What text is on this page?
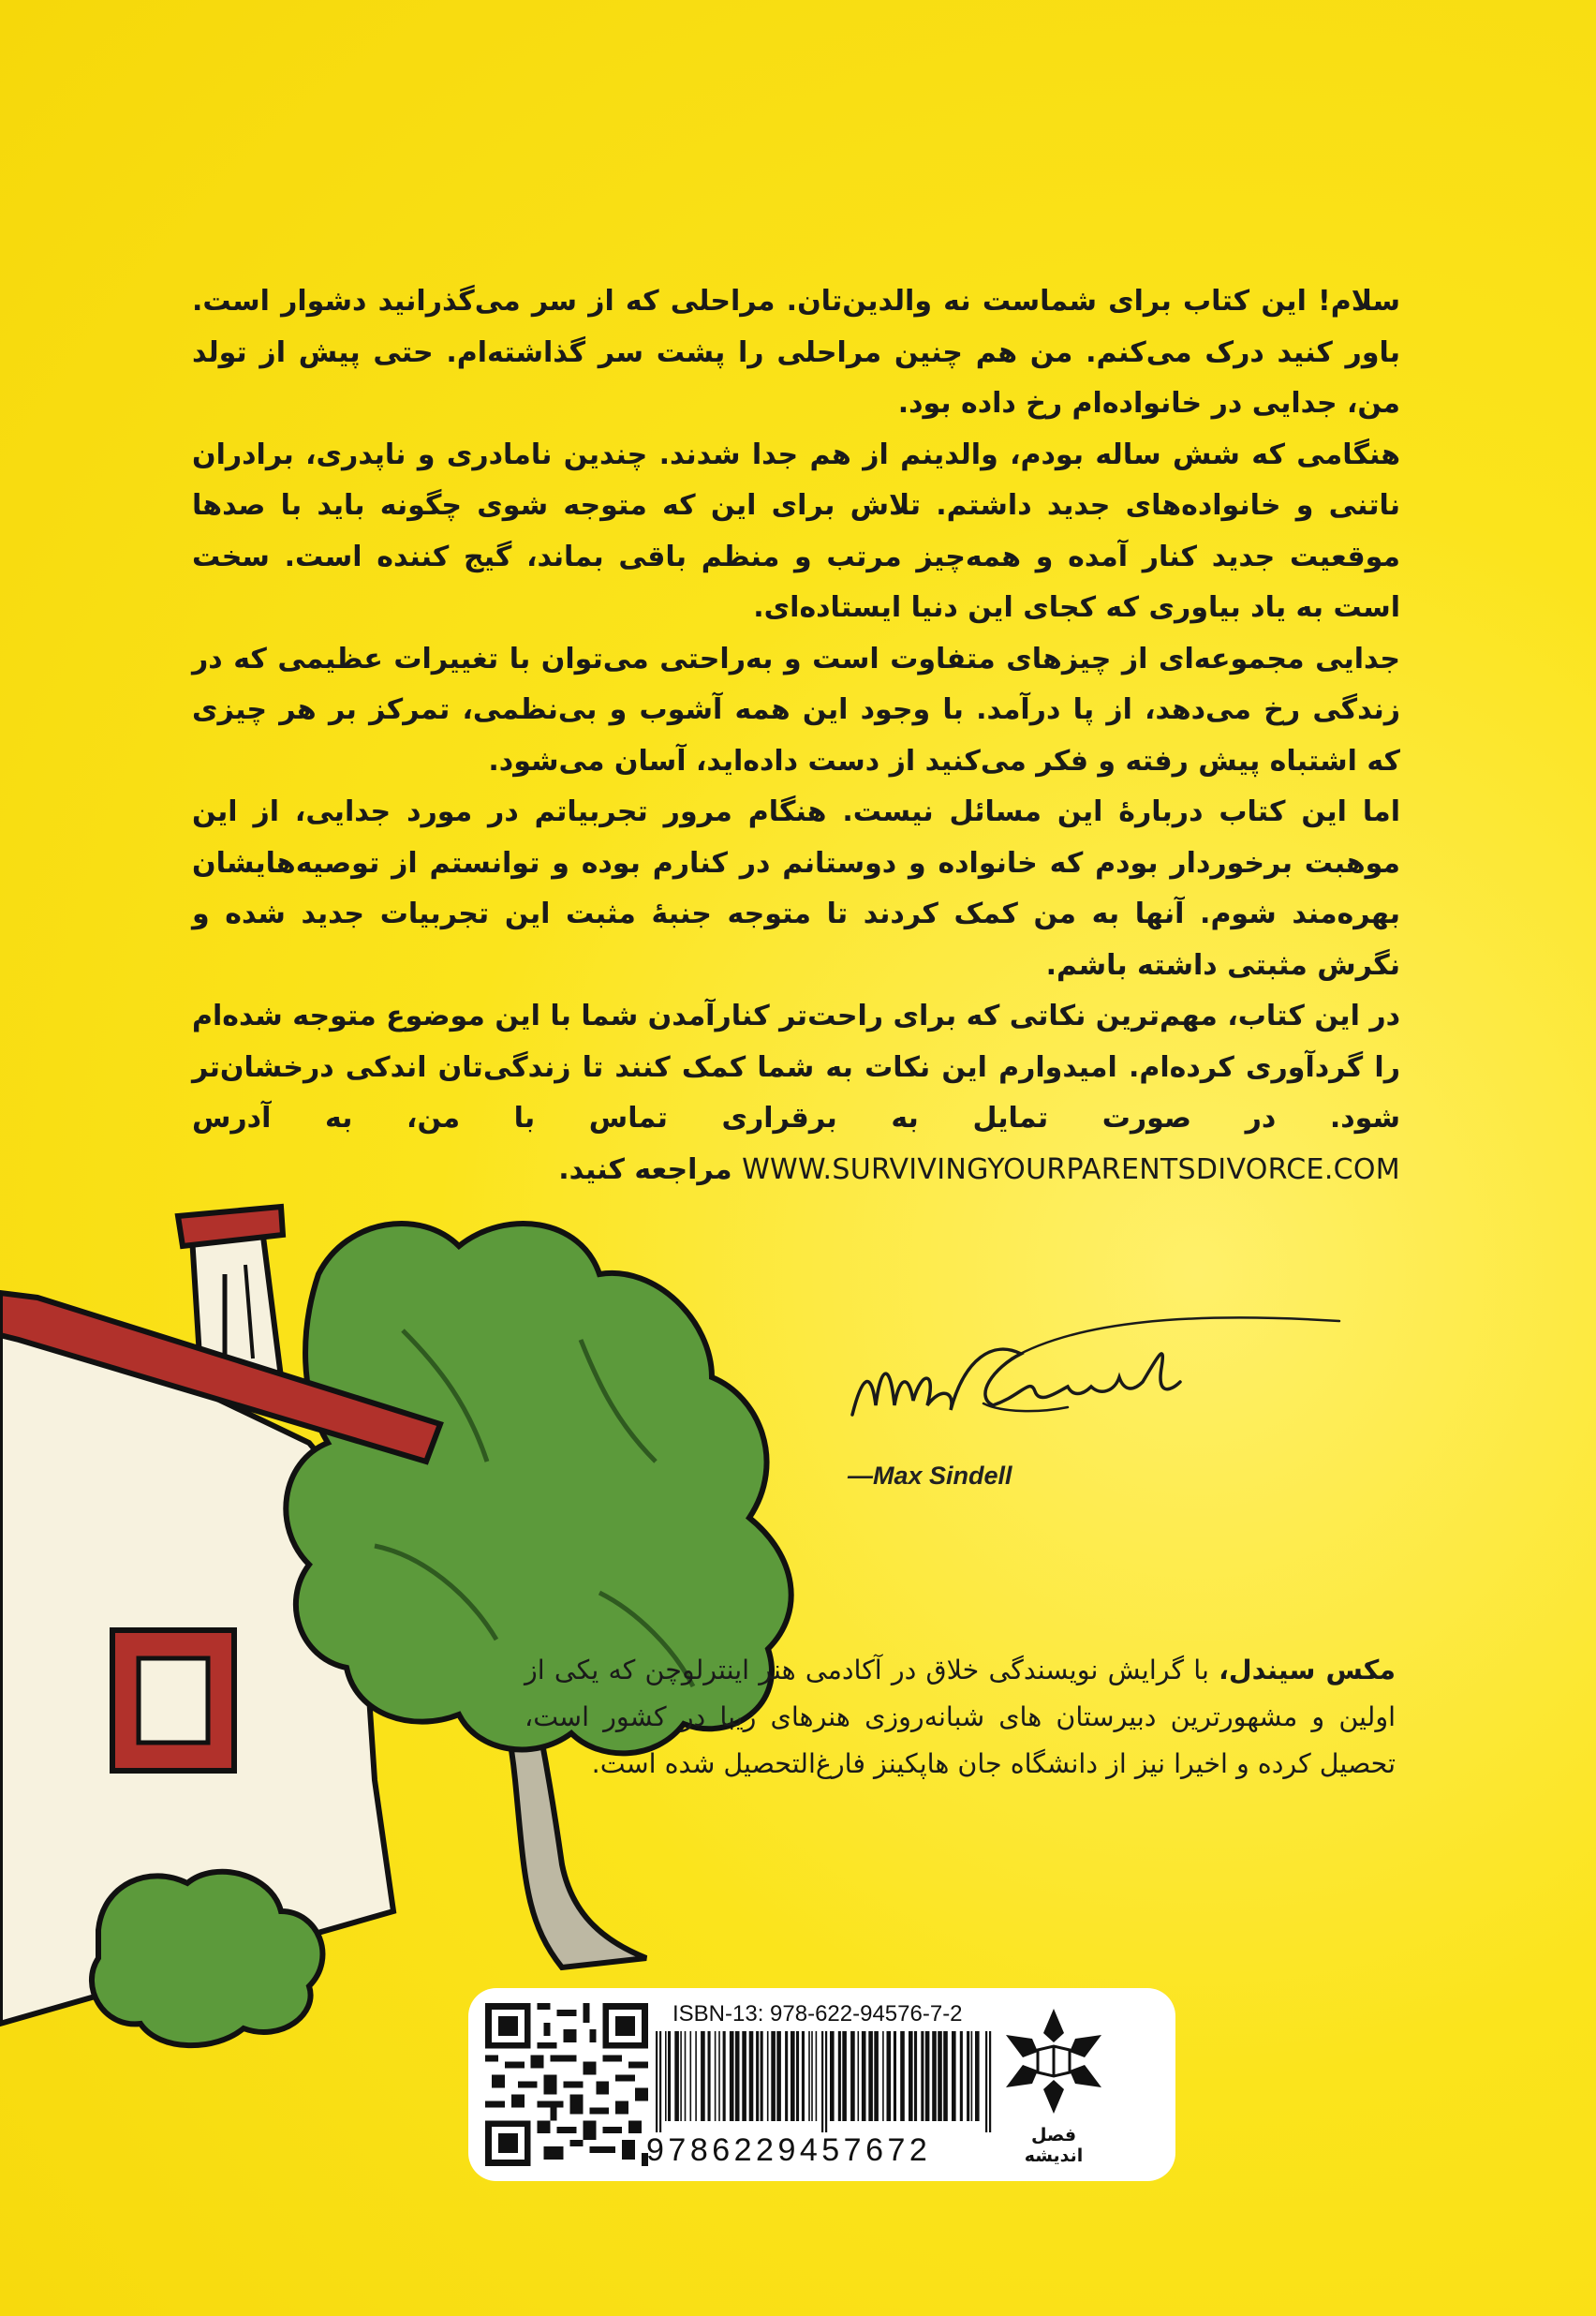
سلام! این کتاب برای شماست نه والدین‌تان. مراحلی که از سر می‌گذرانید دشوار است. باور کنید درک می‌کنم. من هم چنین مراحلی را پشت سر گذاشته‌ام. حتی پیش از تولد من، جدایی در خانواده‌ام رخ داده بود.

هنگامی که شش ساله بودم، والدینم از هم جدا شدند. چندین نامادری و ناپدری، برادران ناتنی و خانواده‌های جدید داشتم. تلاش برای این که متوجه شوی چگونه باید با صدها موقعیت جدید کنار آمده و همه‌چیز مرتب و منظم باقی بماند، گیج کننده است. سخت است به یاد بیاوری که کجای این دنیا ایستاده‌ای.

جدایی مجموعه‌ای از چیزهای متفاوت است و به‌راحتی می‌توان با تغییرات عظیمی که در زندگی رخ می‌دهد، از پا درآمد. با وجود این همه آشوب و بی‌نظمی، تمرکز بر هر چیزی که اشتباه پیش رفته و فکر می‌کنید از دست داده‌اید، آسان می‌شود.

اما این کتاب دربارهٔ این مسائل نیست. هنگام مرور تجربیاتم در مورد جدایی، از این موهبت برخوردار بودم که خانواده و دوستانم در کنارم بوده و توانستم از توصیه‌هایشان بهره‌مند شوم. آنها به من کمک کردند تا متوجه جنبهٔ مثبت این تجربیات جدید شده و نگرش مثبتی داشته باشم.

در این کتاب، مهم‌ترین نکاتی که برای راحت‌تر کنارآمدن شما با این موضوع متوجه شده‌ام را گردآوری کرده‌ام. امیدوارم این نکات به شما کمک کنند تا زندگی‌تان اندکی درخشان‌تر شود. در صورت تمایل به برقراری تماس با من، به آدرس WWW.SURVIVINGYOURPARENTSDIVORCE.COM مراجعه کنید.

—Max Sindell
مکس سیندل، با گرایش نویسندگی خلاق در آکادمی هنر اینترلوچن که یکی از اولین و مشهورترین دبیرستان های شبانه‌روزی هنرهای زیبا در کشور است، تحصیل کرده و اخیرا نیز از دانشگاه جان هاپکینز فارغ‌التحصیل شده است.
ISBN-13: 978-622-94576-7-2
9786229457672	فصل اندیشه
